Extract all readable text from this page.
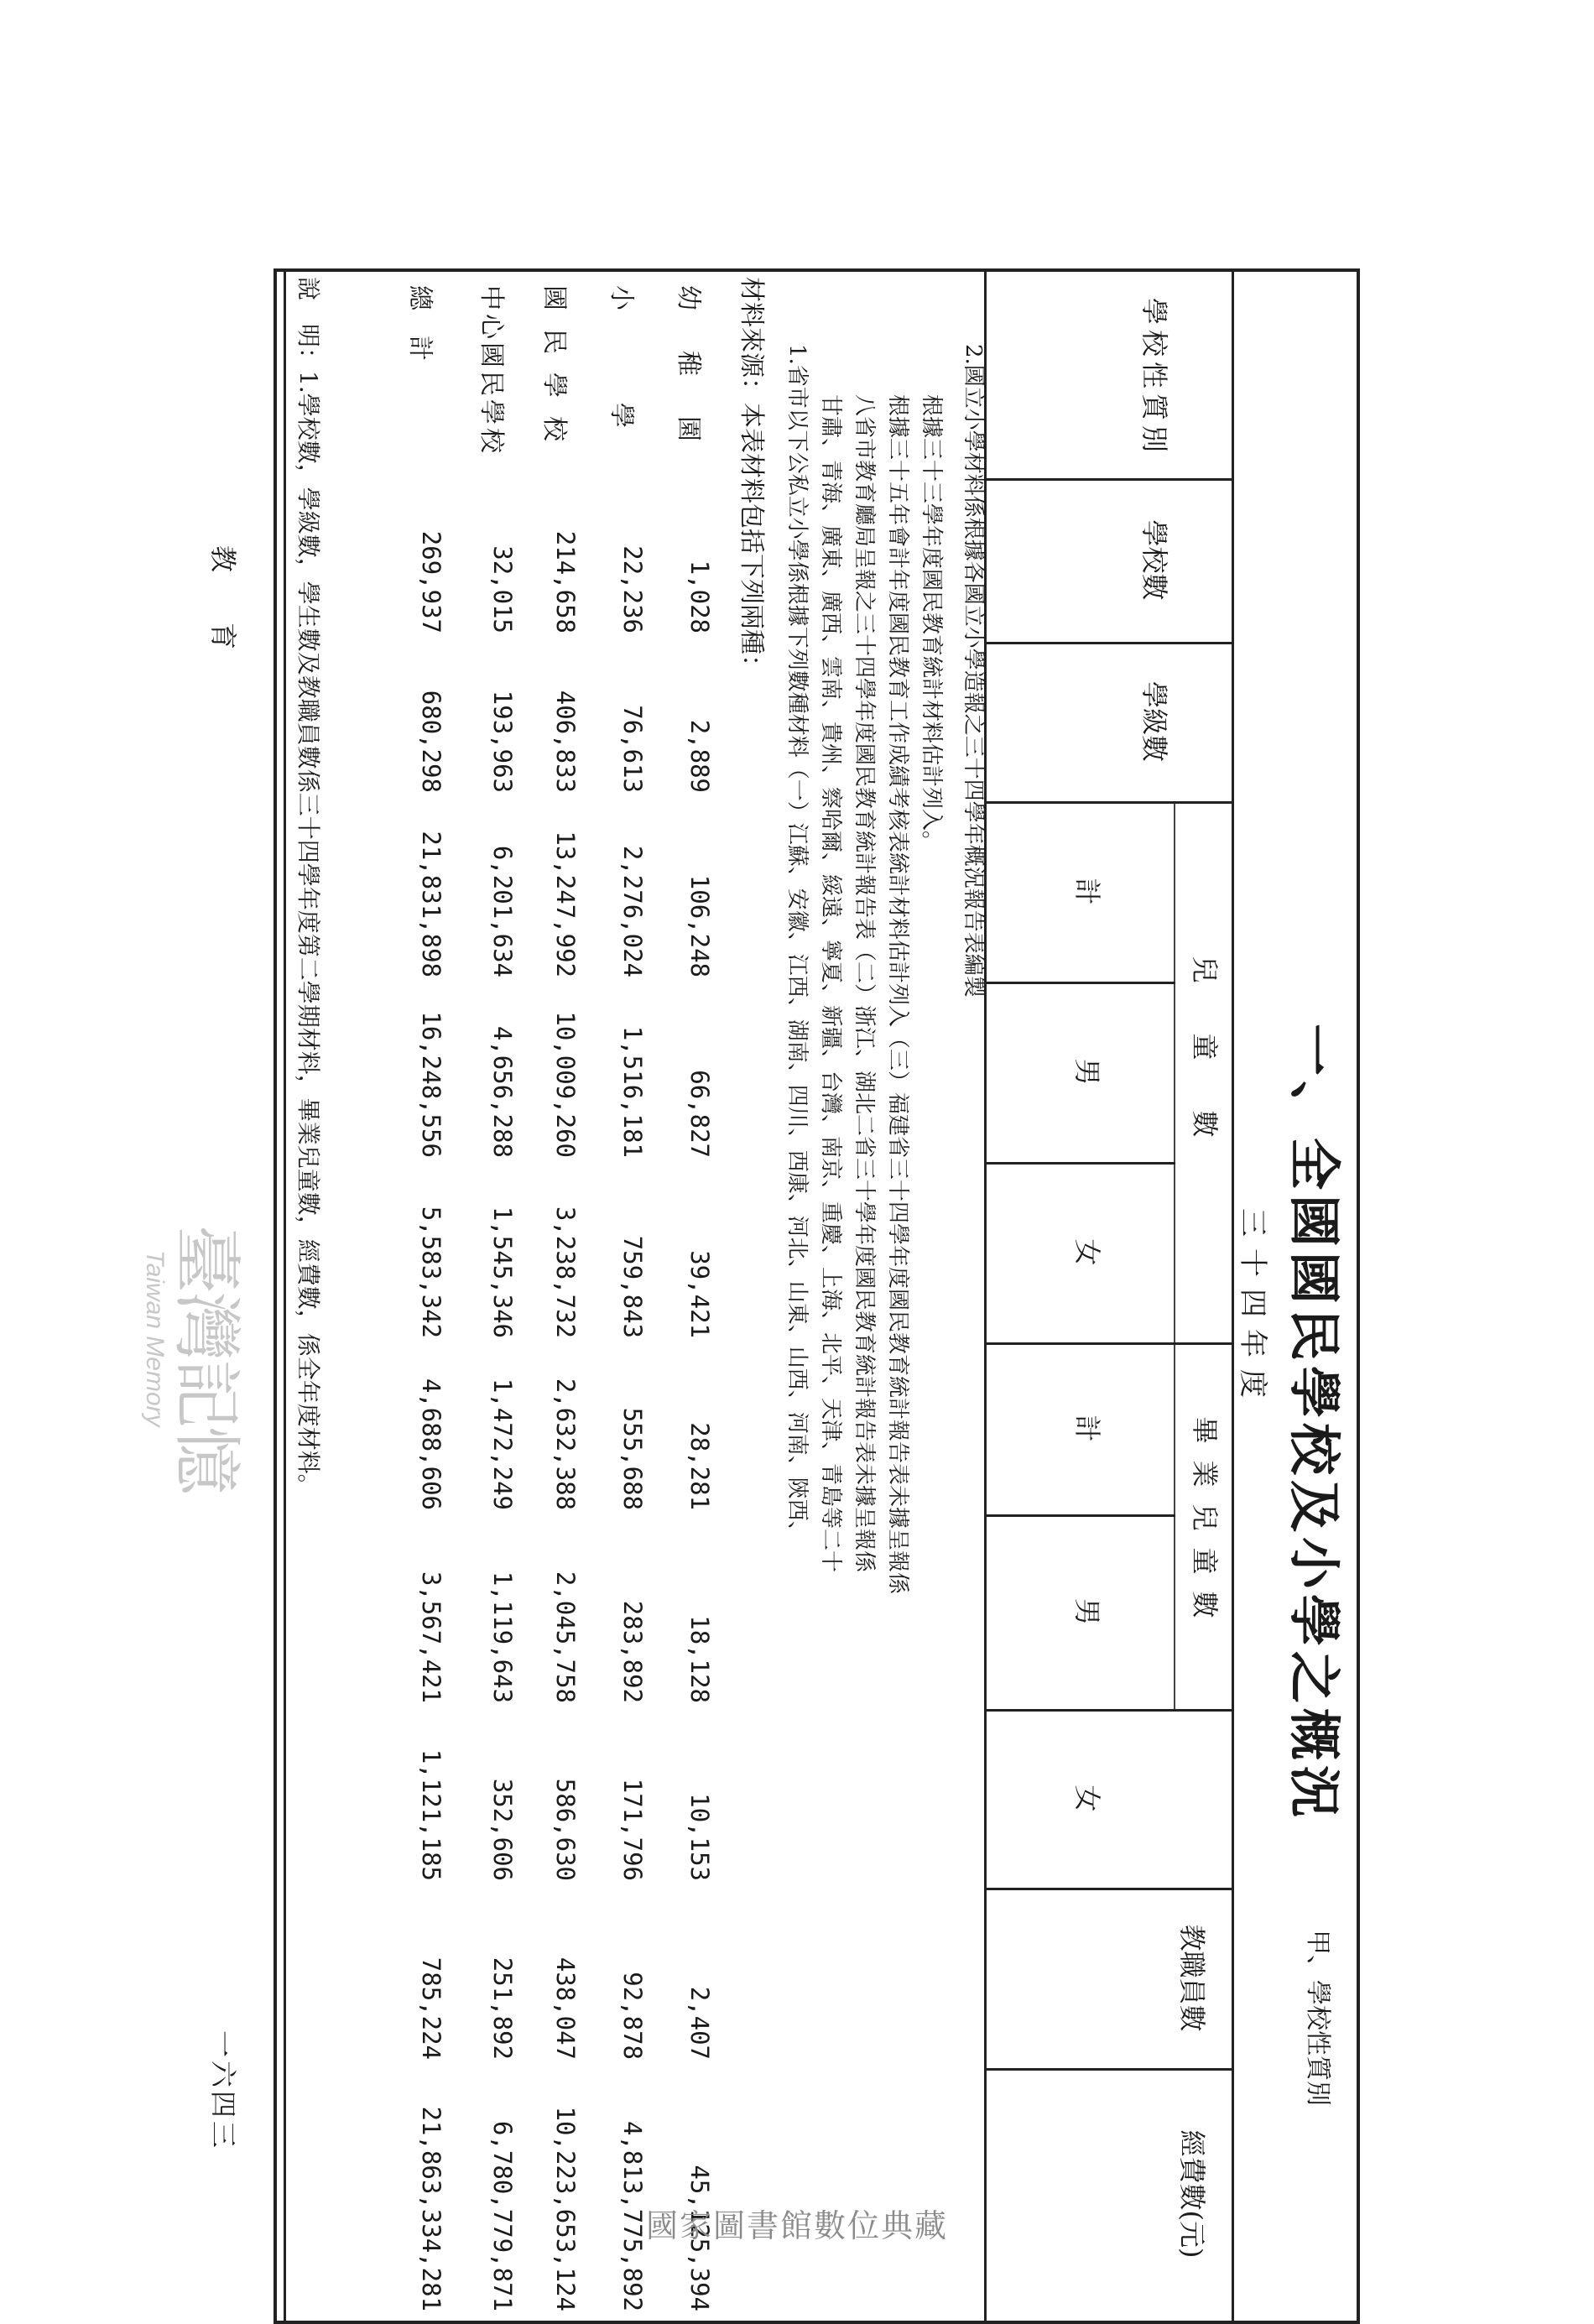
一、全國國民學校及小學之概況
甲、學校性質別
三十四年度
學校性質別
學校數
學級數
兒童數
計
男
女
畢業兒童數
計
男
女
教職員數
經費數(元)
總計
269,937
680,298
21,831,898
16,248,556
5,583,342
4,688,606
3,567,421
1,121,185
785,224
21,863,334,281
中心國民學校
32,015
193,963
6,201,634
4,656,288
1,545,346
1,472,249
1,119,643
352,606
251,892
6,780,779,871
國民學校
214,658
406,833
13,247,992
10,009,260
3,238,732
2,632,388
2,045,758
586,630
438,047
10,223,653,124
小學
22,236
76,613
2,276,024
1,516,181
759,843
555,688
283,892
171,796
92,878
4,813,775,892
幼稚園
1,028
2,889
106,248
66,827
39,421
28,281
18,128
10,153
2,407
45,125,394
材料來源：本表材料包括下列兩種： 1.省市以下公私立小學係根據下列數種材料（一）江蘇、安徽、江西、湖南、四川、西康、河北、山東、山西、河南、陝西、 甘肅、青海、廣東、廣西、雲南、貴州、察哈爾、綏遠、寧夏、新疆、台灣、南京、重慶、上海、北平、天津、青島等二十 八省市教育廳局呈報之三十四學年度國民教育統計報告表（二）浙江、湖北二省三十學年度國民教育統計報告表未據呈報係 根據三十五年會計年度國民教育工作成績考核表統計材料估計列入（三）福建省三十四學年度國民教育統計報告表未據呈報係 根據三十三學年度國民教育統計材料估計列入。 2.國立小學材料係根據各國立小學造報之三十四學年概況報告表編製
說　明：1.學校數，學級數，學生數及教職員數係三十四學年度第二學期材料，畢業兒童數，經費數，係全年度材料。
教育
一六四三
臺灣記憶
Taiwan Memory
國家圖書館數位典藏
